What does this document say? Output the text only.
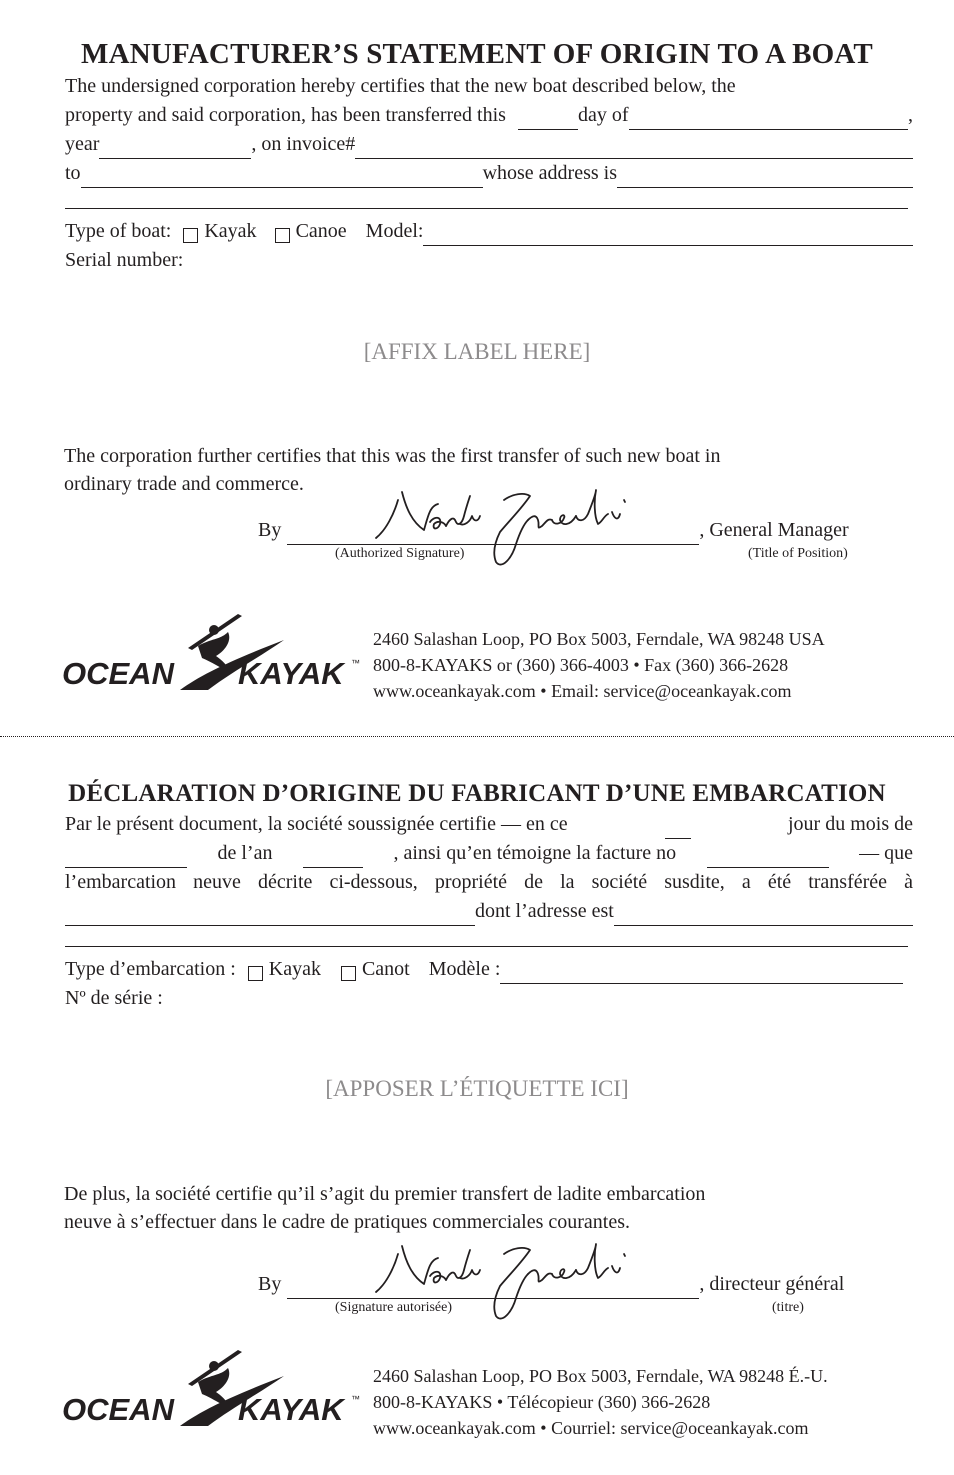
MANUFACTURER’S STATEMENT OF ORIGIN TO A BOAT
The undersigned corporation hereby certifies that the new boat described below, the
property and said corporation, has been transferred this	day of	,
year	, on invoice#
to	whose address is
Type of boat: Kayak Canoe Model:
Serial number:
[AFFIX LABEL HERE]
The corporation further certifies that this was the first transfer of such new boat in
ordinary trade and commerce.
By	, General Manager
(Authorized Signature)	(Title of Position)
OCEAN KAYAK ™
2460 Salashan Loop, PO Box 5003, Ferndale, WA 98248 USA
800-8-KAYAKS or (360) 366-4003 • Fax (360) 366-2628
www.oceankayak.com • Email: service@oceankayak.com
DÉCLARATION D’ORIGINE DU FABRICANT D’UNE EMBARCATION
Par le présent document, la société soussignée certifie — en ce	jour du mois de
de l’an	, ainsi qu’en témoigne la facture no	— que
l’embarcation neuve décrite ci-dessous, propriété de la société susdite, a été transférée à
dont l’adresse est
Type d’embarcation : Kayak Canot Modèle :
Nº de série :
[APPOSER L’ÉTIQUETTE ICI]
De plus, la société certifie qu’il s’agit du premier transfert de ladite embarcation
neuve à s’effectuer dans le cadre de pratiques commerciales courantes.
By	, directeur général
(Signature autorisée)	(titre)
OCEAN KAYAK ™
2460 Salashan Loop, PO Box 5003, Ferndale, WA 98248 É.-U.
800-8-KAYAKS • Télécopieur (360) 366-2628
www.oceankayak.com • Courriel: service@oceankayak.com
